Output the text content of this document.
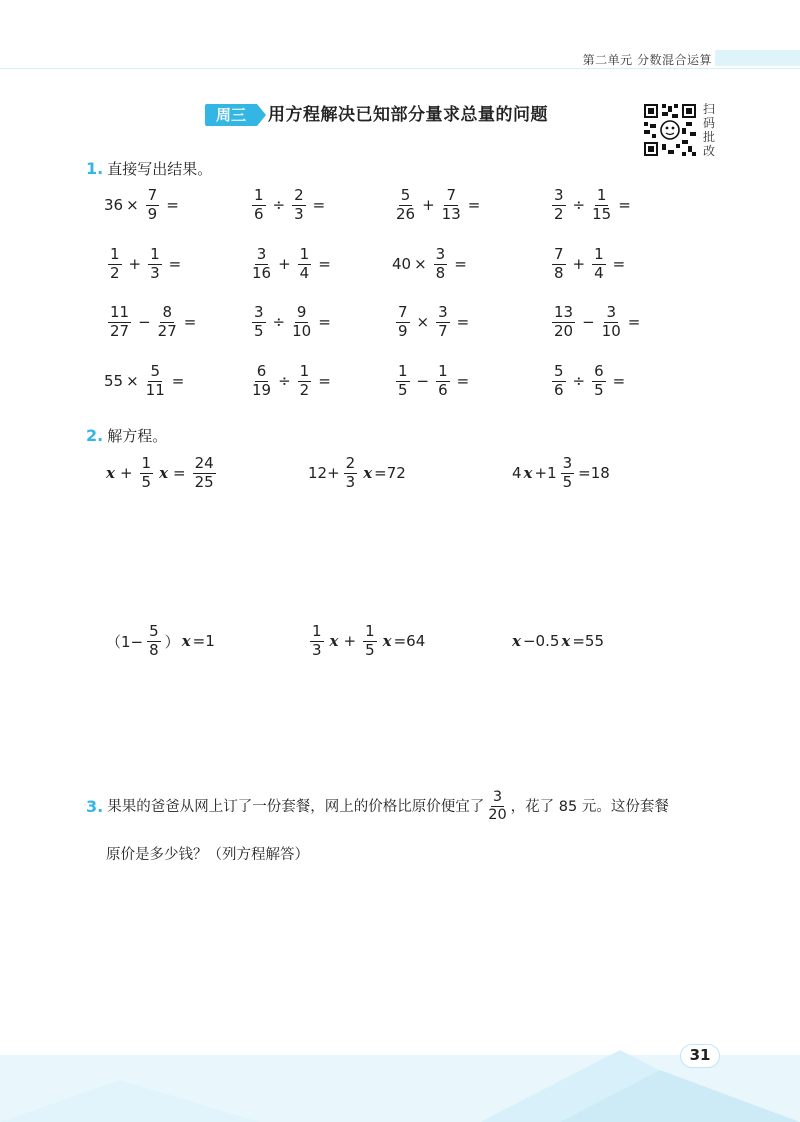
第二单元 分数混合运算
周三	用方程解决已知部分量求总量的问题	扫
码
批
改
1. 直接写出结果。
$36 \times \frac{7}{9}$ =	$\frac{1}{6} \div \frac{2}{3}$ =	$\frac{5}{26} + \frac{7}{13}$ =	$\frac{3}{2} \div \frac{1}{15}$ =
$\frac{1}{2} + \frac{1}{3}$ =	$\frac{3}{16} + \frac{1}{4}$ =	$40 \times \frac{3}{8}$ =	$\frac{7}{8} + \frac{1}{4}$ =
$\frac{11}{27} - \frac{8}{27}$ =	$\frac{3}{5} \div \frac{9}{10}$ =	$\frac{7}{9} \times \frac{3}{7}$ =	$\frac{13}{20} - \frac{3}{10}$ =
$55 \times \frac{5}{11}$ =	$\frac{6}{19} \div \frac{1}{2}$ =	$\frac{1}{5} - \frac{1}{6}$ =	$\frac{5}{6} \div \frac{6}{5}$ =
2. 解方程。
$x + \frac{1}{5}$ $x = \frac{24}{25}$	$12+ \frac{2}{3}$ x =72	4 $x +1 \frac{3}{5} =18$
（$1- \frac{5}{8}$ ） x =1	$\frac{1}{3}$ $x + \frac{1}{5}$ x =64	x −0.5 x =55
3. 果果的爸爸从网上订了一份套餐，网上的价格比原价便宜了 $\frac{3}{20}$ ，花了 85 元。这份套餐
原价是多少钱？（列方程解答）
31
